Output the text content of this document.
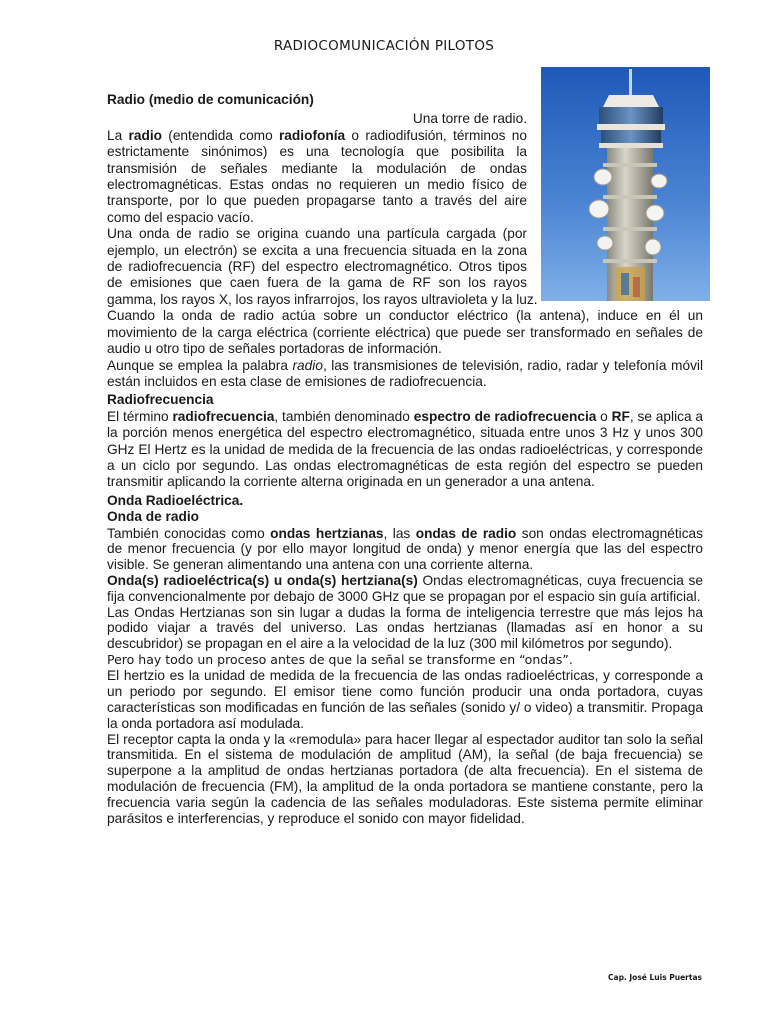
RADIOCOMUNICACIÓN PILOTOS

Radio (medio de comunicación)

Una torre de radio.

La radio (entendida como radiofonía o radiodifusión, términos no estrictamente sinónimos) es una tecnología que posibilita la transmisión de señales mediante la modulación de ondas electromagnéticas. Estas ondas no requieren un medio físico de transporte, por lo que pueden propagarse tanto a través del aire como del espacio vacío.

Una onda de radio se origina cuando una partícula cargada (por ejemplo, un electrón) se excita a una frecuencia situada en la zona de radiofrecuencia (RF) del espectro electromagnético. Otros tipos de emisiones que caen fuera de la gama de RF son los rayos

gamma, los rayos X, los rayos infrarrojos, los rayos ultravioleta y la luz.

Cuando la onda de radio actúa sobre un conductor eléctrico (la antena), induce en él un movimiento de la carga eléctrica (corriente eléctrica) que puede ser transformado en señales de audio u otro tipo de señales portadoras de información.

Aunque se emplea la palabra radio, las transmisiones de televisión, radio, radar y telefonía móvil están incluidos en esta clase de emisiones de radiofrecuencia.

Radiofrecuencia

El término radiofrecuencia, también denominado espectro de radiofrecuencia o RF, se aplica a la porción menos energética del espectro electromagnético, situada entre unos 3 Hz y unos 300 GHz El Hertz es la unidad de medida de la frecuencia de las ondas radioeléctricas, y corresponde a un ciclo por segundo. Las ondas electromagnéticas de esta región del espectro se pueden transmitir aplicando la corriente alterna originada en un generador a una antena.

Onda Radioeléctrica.

Onda de radio

También conocidas como ondas hertzianas, las ondas de radio son ondas electromagnéticas de menor frecuencia (y por ello mayor longitud de onda) y menor energía que las del espectro visible. Se generan alimentando una antena con una corriente alterna.

Onda(s) radioeléctrica(s) u onda(s) hertziana(s) Ondas electromagnéticas, cuya frecuencia se fija convencionalmente por debajo de 3000 GHz que se propagan por el espacio sin guía artificial.

Las Ondas Hertzianas son sin lugar a dudas la forma de inteligencia terrestre que más lejos ha podido viajar a través del universo. Las ondas hertzianas (llamadas así en honor a su descubridor) se propagan en el aire a la velocidad de la luz (300 mil kilómetros por segundo).

Pero hay todo un proceso antes de que la señal se transforme en “ondas”.

El hertzio es la unidad de medida de la frecuencia de las ondas radioeléctricas, y corresponde a un periodo por segundo. El emisor tiene como función producir una onda portadora, cuyas características son modificadas en función de las señales (sonido y/ o video) a transmitir. Propaga la onda portadora así modulada.

El receptor capta la onda y la «remodula» para hacer llegar al espectador auditor tan solo la señal transmitida. En el sistema de modulación de amplitud (AM), la señal (de baja frecuencia) se superpone a la amplitud de ondas hertzianas portadora (de alta frecuencia). En el sistema de modulación de frecuencia (FM), la amplitud de la onda portadora se mantiene constante, pero la frecuencia varia según la cadencia de las señales moduladoras. Este sistema permite eliminar parásitos e interferencias, y reproduce el sonido con mayor fidelidad.

Cap. José Luis Puertas
